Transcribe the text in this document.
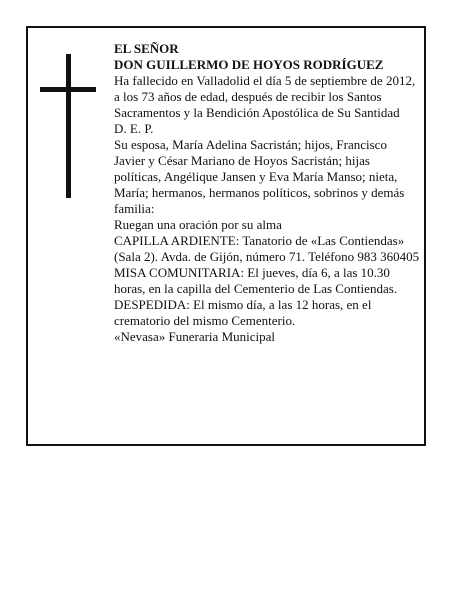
EL SEÑOR

DON GUILLERMO DE HOYOS RODRÍGUEZ

Ha fallecido en Valladolid el día 5 de septiembre de 2012, a los 73 años de edad, después de recibir los Santos Sacramentos y la Bendición Apostólica de Su Santidad

D. E. P.

Su esposa, María Adelina Sacristán; hijos, Francisco Javier y César Mariano de Hoyos Sacristán; hijas políticas, Angélique Jansen y Eva María Manso; nieta, María; hermanos, hermanos políticos, sobrinos y demás familia:

Ruegan una oración por su alma

CAPILLA ARDIENTE: Tanatorio de «Las Contiendas» (Sala 2). Avda. de Gijón, número 71. Teléfono 983 360405

MISA COMUNITARIA: El jueves, día 6, a las 10.30 horas, en la capilla del Cementerio de Las Contiendas.

DESPEDIDA: El mismo día, a las 12 horas, en el crematorio del mismo Cementerio.

«Nevasa» Funeraria Municipal
